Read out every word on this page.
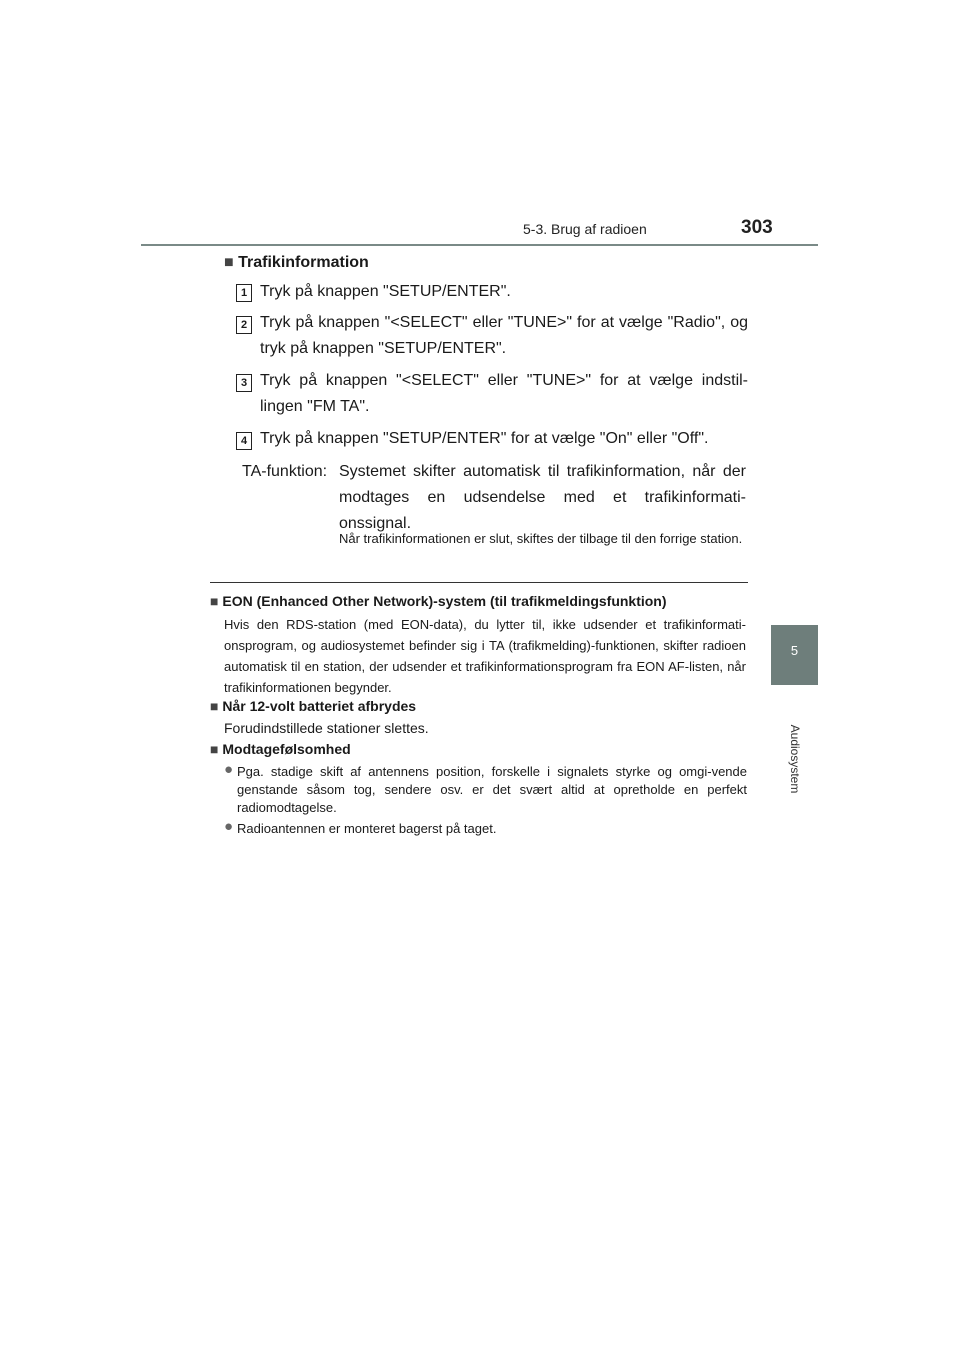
5-3. Brug af radioen	303
5
Audiosystem
■ Trafikinformation
1 Tryk på knappen "SETUP/ENTER".
2 Tryk på knappen "<SELECT" eller "TUNE>" for at vælge "Radio", og tryk på knappen "SETUP/ENTER".
3 Tryk på knappen "<SELECT" eller "TUNE>" for at vælge indstil-lingen "FM TA".
4 Tryk på knappen "SETUP/ENTER" for at vælge "On" eller "Off".
TA-funktion: Systemet skifter automatisk til trafikinformation, når der modtages en udsendelse med et trafikinformati-onssignal.
Når trafikinformationen er slut, skiftes der tilbage til den forrige station.
■ EON (Enhanced Other Network)-system (til trafikmeldingsfunktion)
Hvis den RDS-station (med EON-data), du lytter til, ikke udsender et trafikinformati-onsprogram, og audiosystemet befinder sig i TA (trafikmelding)-funktionen, skifter radioen automatisk til en station, der udsender et trafikinformationsprogram fra EON AF-listen, når trafikinformationen begynder.
■ Når 12-volt batteriet afbrydes
Forudindstillede stationer slettes.
■ Modtagefølsomhed
● Pga. stadige skift af antennens position, forskelle i signalets styrke og omgi-vende genstande såsom tog, sendere osv. er det svært altid at opretholde en perfekt radiomodtagelse.
● Radioantennen er monteret bagerst på taget.
